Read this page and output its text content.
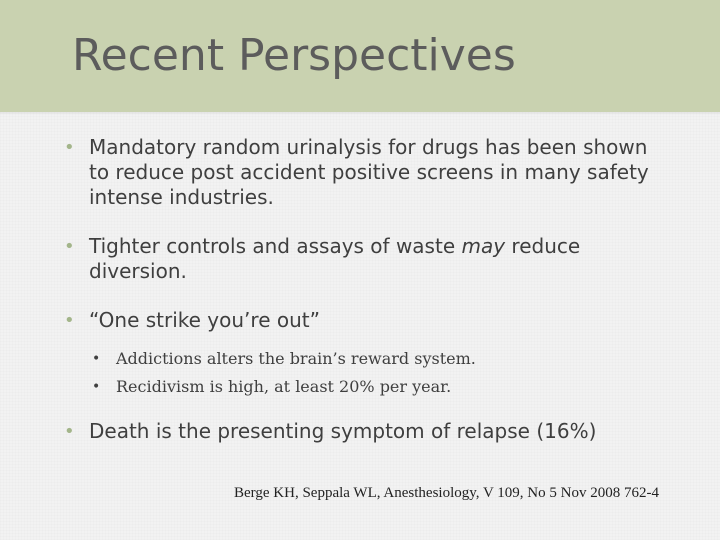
Recent Perspectives
• Mandatory random urinalysis for drugs has been shown to reduce post accident positive screens in many safety intense industries.
• Tighter controls and assays of waste may reduce diversion.
• “One strike you’re out”
• Addictions alters the brain’s reward system.
• Recidivism is high, at least 20% per year.
• Death is the presenting symptom of relapse (16%)
Berge KH, Seppala WL, Anesthesiology, V 109, No 5 Nov 2008 762-4
